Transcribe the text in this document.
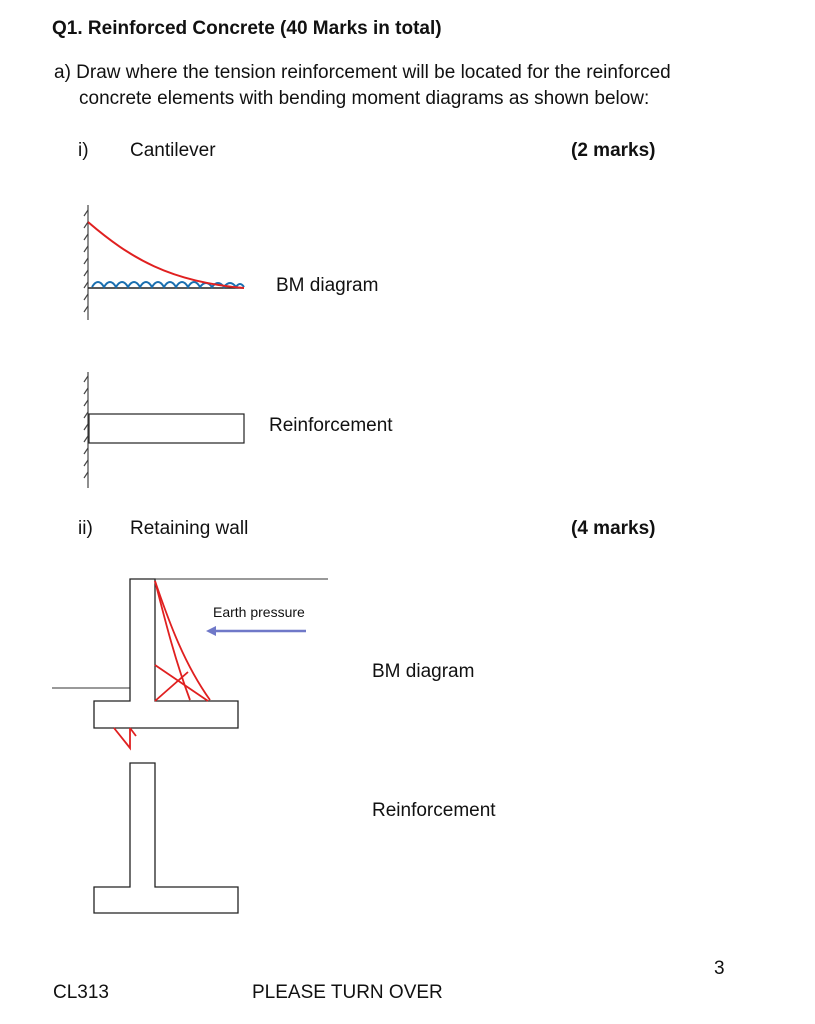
Q1. Reinforced Concrete (40 Marks in total)
a) Draw where the tension reinforcement will be located for the reinforced
concrete elements with bending moment diagrams as shown below:
i) Cantilever	(2 marks)
BM diagram
Reinforcement
ii) Retaining wall	(4 marks)
Earth pressure
BM diagram
Reinforcement
3
CL313	PLEASE TURN OVER
